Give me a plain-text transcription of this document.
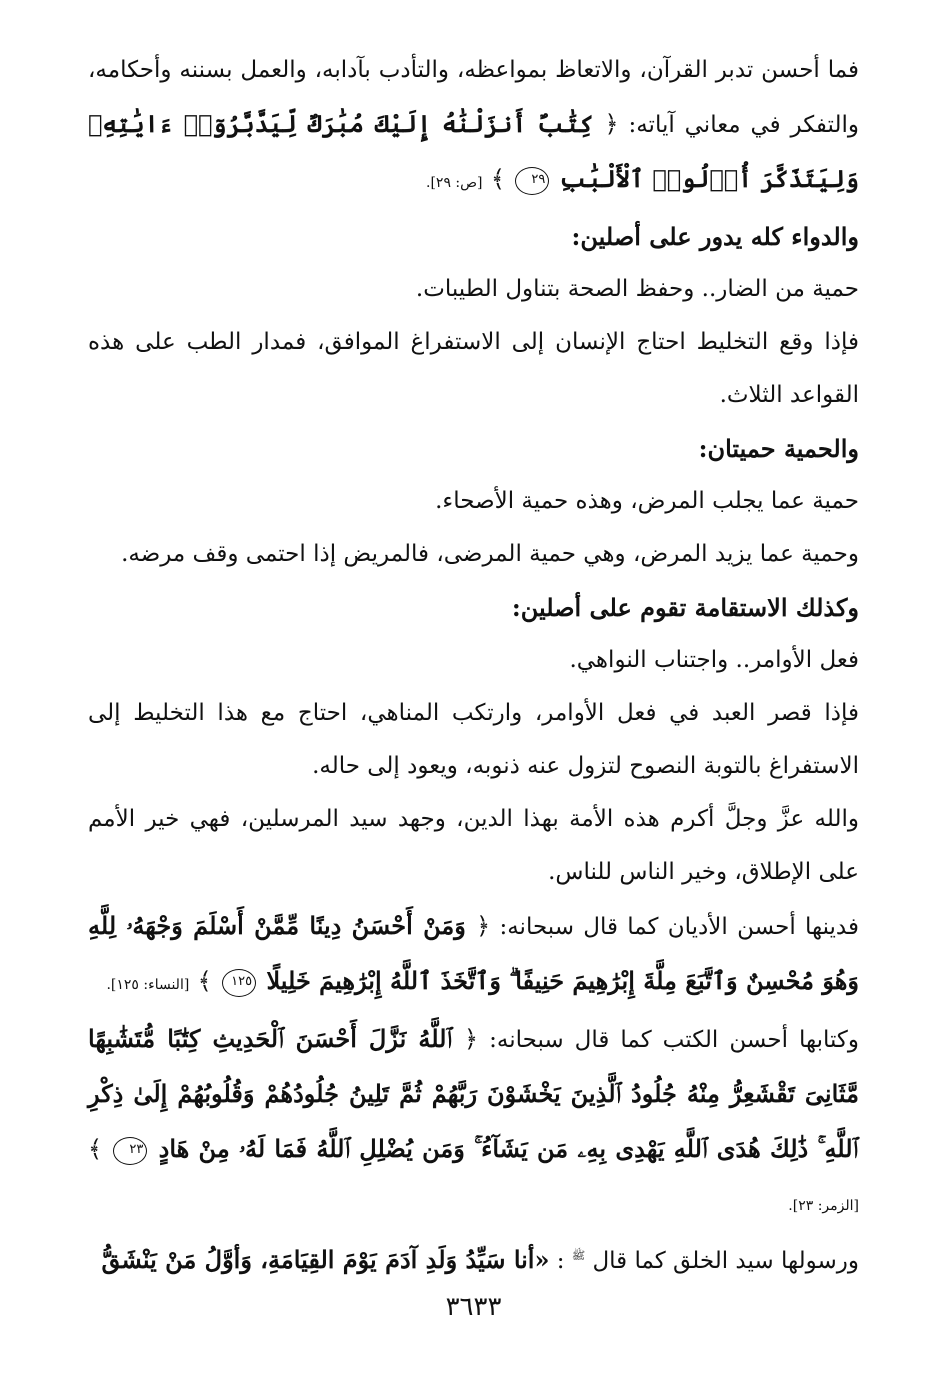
فما أحسن تدبر القرآن، والاتعاظ بمواعظه، والتأدب بآدابه، والعمل بسننه وأحكامه، والتفكر في معاني آياته: ﴿ كِتَٰبٌ أَنزَلْنَٰهُ إِلَيْكَ مُبَٰرَكٌ لِّيَدَّبَّرُوٓا۟ ءَايَٰتِهِۦ وَلِيَتَذَكَّرَ أُو۟لُوا۟ ٱلْأَلْبَٰبِ ٢٩ ﴾ [ص: ٢٩].

والدواء كله يدور على أصلين:

حمية من الضار.. وحفظ الصحة بتناول الطيبات.

فإذا وقع التخليط احتاج الإنسان إلى الاستفراغ الموافق، فمدار الطب على هذه القواعد الثلاث.

والحمية حميتان:

حمية عما يجلب المرض، وهذه حمية الأصحاء.

وحمية عما يزيد المرض، وهي حمية المرضى، فالمريض إذا احتمى وقف مرضه.

وكذلك الاستقامة تقوم على أصلين:

فعل الأوامر.. واجتناب النواهي.

فإذا قصر العبد في فعل الأوامر، وارتكب المناهي، احتاج مع هذا التخليط إلى الاستفراغ بالتوبة النصوح لتزول عنه ذنوبه، ويعود إلى حاله.

والله عزَّ وجلَّ أكرم هذه الأمة بهذا الدين، وجهد سيد المرسلين، فهي خير الأمم على الإطلاق، وخير الناس للناس.

فدينها أحسن الأديان كما قال سبحانه: ﴿ وَمَنْ أَحْسَنُ دِينًا مِّمَّنْ أَسْلَمَ وَجْهَهُۥ لِلَّهِ وَهُوَ مُحْسِنٌ وَٱتَّبَعَ مِلَّةَ إِبْرَٰهِيمَ حَنِيفًا ۗ وَٱتَّخَذَ ٱللَّهُ إِبْرَٰهِيمَ خَلِيلًا ١٢٥ ﴾ [النساء: ١٢٥].

وكتابها أحسن الكتب كما قال سبحانه: ﴿ ٱللَّهُ نَزَّلَ أَحْسَنَ ٱلْحَدِيثِ كِتَٰبًا مُّتَشَٰبِهًا مَّثَانِىَ تَقْشَعِرُّ مِنْهُ جُلُودُ ٱلَّذِينَ يَخْشَوْنَ رَبَّهُمْ ثُمَّ تَلِينُ جُلُودُهُمْ وَقُلُوبُهُمْ إِلَىٰ ذِكْرِ ٱللَّهِ ۚ ذَٰلِكَ هُدَى ٱللَّهِ يَهْدِى بِهِۦ مَن يَشَآءُ ۚ وَمَن يُضْلِلِ ٱللَّهُ فَمَا لَهُۥ مِنْ هَادٍ ٢٣ ﴾ [الزمر: ٢٣].

ورسولها سيد الخلق كما قال ﷺ : «أنا سَيِّدُ وَلَدِ آدَمَ يَوْمَ القِيَامَةِ، وَأوَّلُ مَنْ يَنْشَقُّ

٣٦٣٣
